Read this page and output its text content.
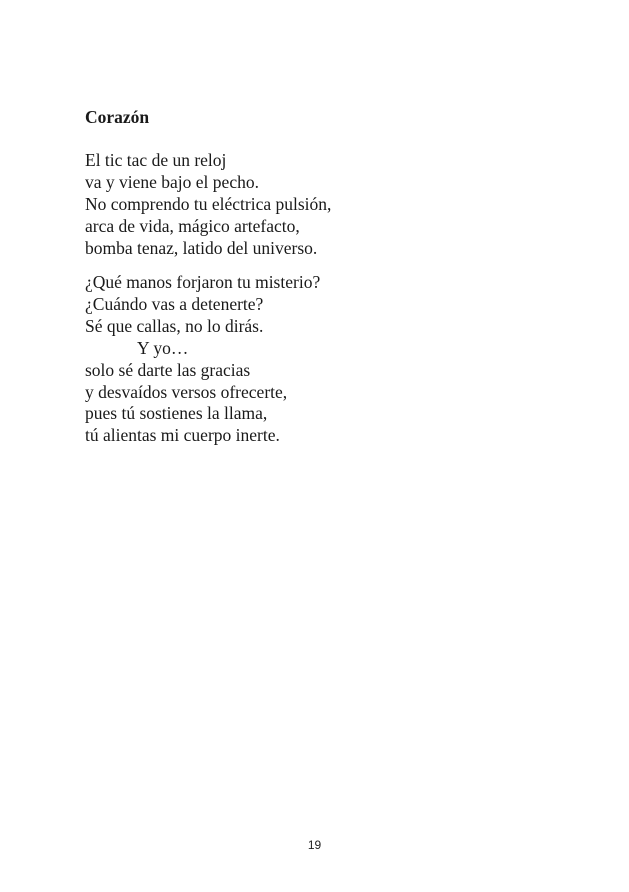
Corazón
El tic tac de un reloj
va y viene bajo el pecho.
No comprendo tu eléctrica pulsión,
arca de vida, mágico artefacto,
bomba tenaz, latido del universo.
¿Qué manos forjaron tu misterio?
¿Cuándo vas a detenerte?
Sé que callas, no lo dirás.
Y yo…
solo sé darte las gracias
y desvaídos versos ofrecerte,
pues tú sostienes la llama,
tú alientas mi cuerpo inerte.
19
